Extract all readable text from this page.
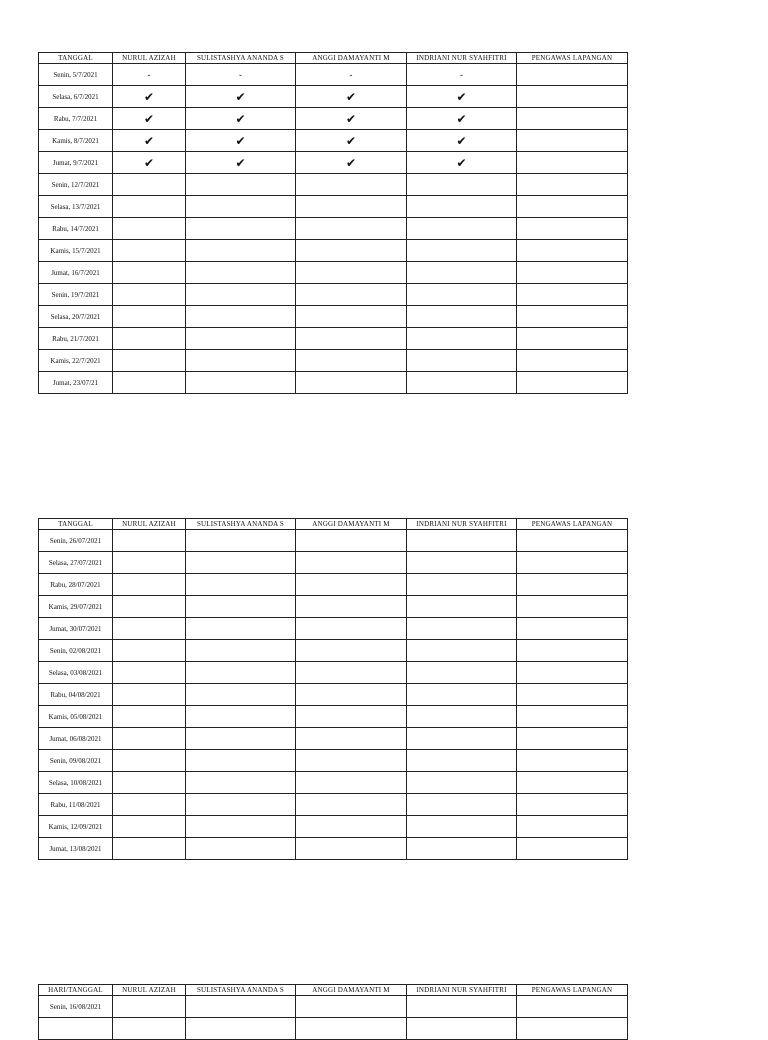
TANGGAL	NURUL AZIZAH	SULISTASHYA ANANDA S	ANGGI DAMAYANTI M	INDRIANI NUR SYAHFITRI	PENGAWAS LAPANGAN
Senin, 5/7/2021	-	-	-	-	
Selasa, 6/7/2021	✔	✔	✔	✔	
Rabu, 7/7/2021	✔	✔	✔	✔	
Kamis, 8/7/2021	✔	✔	✔	✔	
Jumat, 9/7/2021	✔	✔	✔	✔	
Senin, 12/7/2021					
Selasa, 13/7/2021					
Rabu, 14/7/2021					
Kamis, 15/7/2021					
Jumat, 16/7/2021					
Senin, 19/7/2021					
Selasa, 20/7/2021					
Rabu, 21/7/2021					
Kamis, 22/7/2021					
Jumat, 23/07/21					
TANGGAL	NURUL AZIZAH	SULISTASHYA ANANDA S	ANGGI DAMAYANTI M	INDRIANI NUR SYAHFITRI	PENGAWAS LAPANGAN
Senin, 26/07/2021					
Selasa, 27/07/2021					
Rabu, 28/07/2021					
Kamis, 29/07/2021					
Jumat, 30/07/2021					
Senin, 02/08/2021					
Selasa, 03/08/2021					
Rabu, 04/08/2021					
Kamis, 05/08/2021					
Jumat, 06/08/2021					
Senin, 09/08/2021					
Selasa, 10/08/2021					
Rabu, 11/08/2021					
Kamis, 12/09/2021					
Jumat, 13/08/2021					
HARI/TANGGAL	NURUL AZIZAH	SULISTASHYA ANANDA S	ANGGI DAMAYANTI M	INDRIANI NUR SYAHFITRI	PENGAWAS LAPANGAN
Senin, 16/08/2021					
